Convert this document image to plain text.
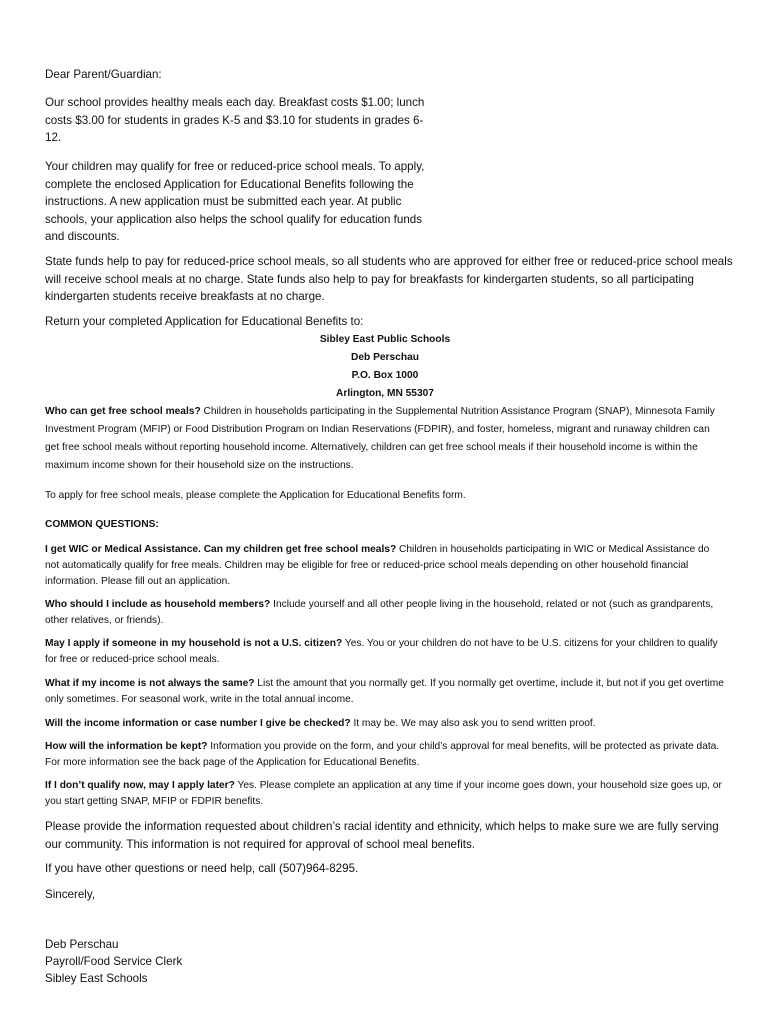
Dear Parent/Guardian:

Our school provides healthy meals each day. Breakfast costs $1.00; lunch costs $3.00 for students in grades K-5 and $3.10 for students in grades 6-12.

Your children may qualify for free or reduced-price school meals. To apply, complete the enclosed Application for Educational Benefits following the instructions. A new application must be submitted each year. At public schools, your application also helps the school qualify for education funds and discounts.

State funds help to pay for reduced-price school meals, so all students who are approved for either free or reduced-price school meals will receive school meals at no charge. State funds also help to pay for breakfasts for kindergarten students, so all participating kindergarten students receive breakfasts at no charge.

Return your completed Application for Educational Benefits to:

Sibley East Public Schools

Deb Perschau

P.O. Box 1000

Arlington, MN 55307

Who can get free school meals? Children in households participating in the Supplemental Nutrition Assistance Program (SNAP), Minnesota Family Investment Program (MFIP) or Food Distribution Program on Indian Reservations (FDPIR), and foster, homeless, migrant and runaway children can get free school meals without reporting household income. Alternatively, children can get free school meals if their household income is within the maximum income shown for their household size on the instructions.

To apply for free school meals, please complete the Application for Educational Benefits form.

COMMON QUESTIONS:

I get WIC or Medical Assistance. Can my children get free school meals? Children in households participating in WIC or Medical Assistance do not automatically qualify for free meals. Children may be eligible for free or reduced-price school meals depending on other household financial information. Please fill out an application.

Who should I include as household members? Include yourself and all other people living in the household, related or not (such as grandparents, other relatives, or friends).

May I apply if someone in my household is not a U.S. citizen? Yes. You or your children do not have to be U.S. citizens for your children to qualify for free or reduced-price school meals.

What if my income is not always the same? List the amount that you normally get. If you normally get overtime, include it, but not if you get overtime only sometimes. For seasonal work, write in the total annual income.

Will the income information or case number I give be checked? It may be. We may also ask you to send written proof.

How will the information be kept? Information you provide on the form, and your child’s approval for meal benefits, will be protected as private data. For more information see the back page of the Application for Educational Benefits.

If I don’t qualify now, may I apply later? Yes. Please complete an application at any time if your income goes down, your household size goes up, or you start getting SNAP, MFIP or FDPIR benefits.

Please provide the information requested about children’s racial identity and ethnicity, which helps to make sure we are fully serving our community. This information is not required for approval of school meal benefits.

If you have other questions or need help, call (507)964-8295.

Sincerely,

Deb Perschau

Payroll/Food Service Clerk

Sibley East Schools
